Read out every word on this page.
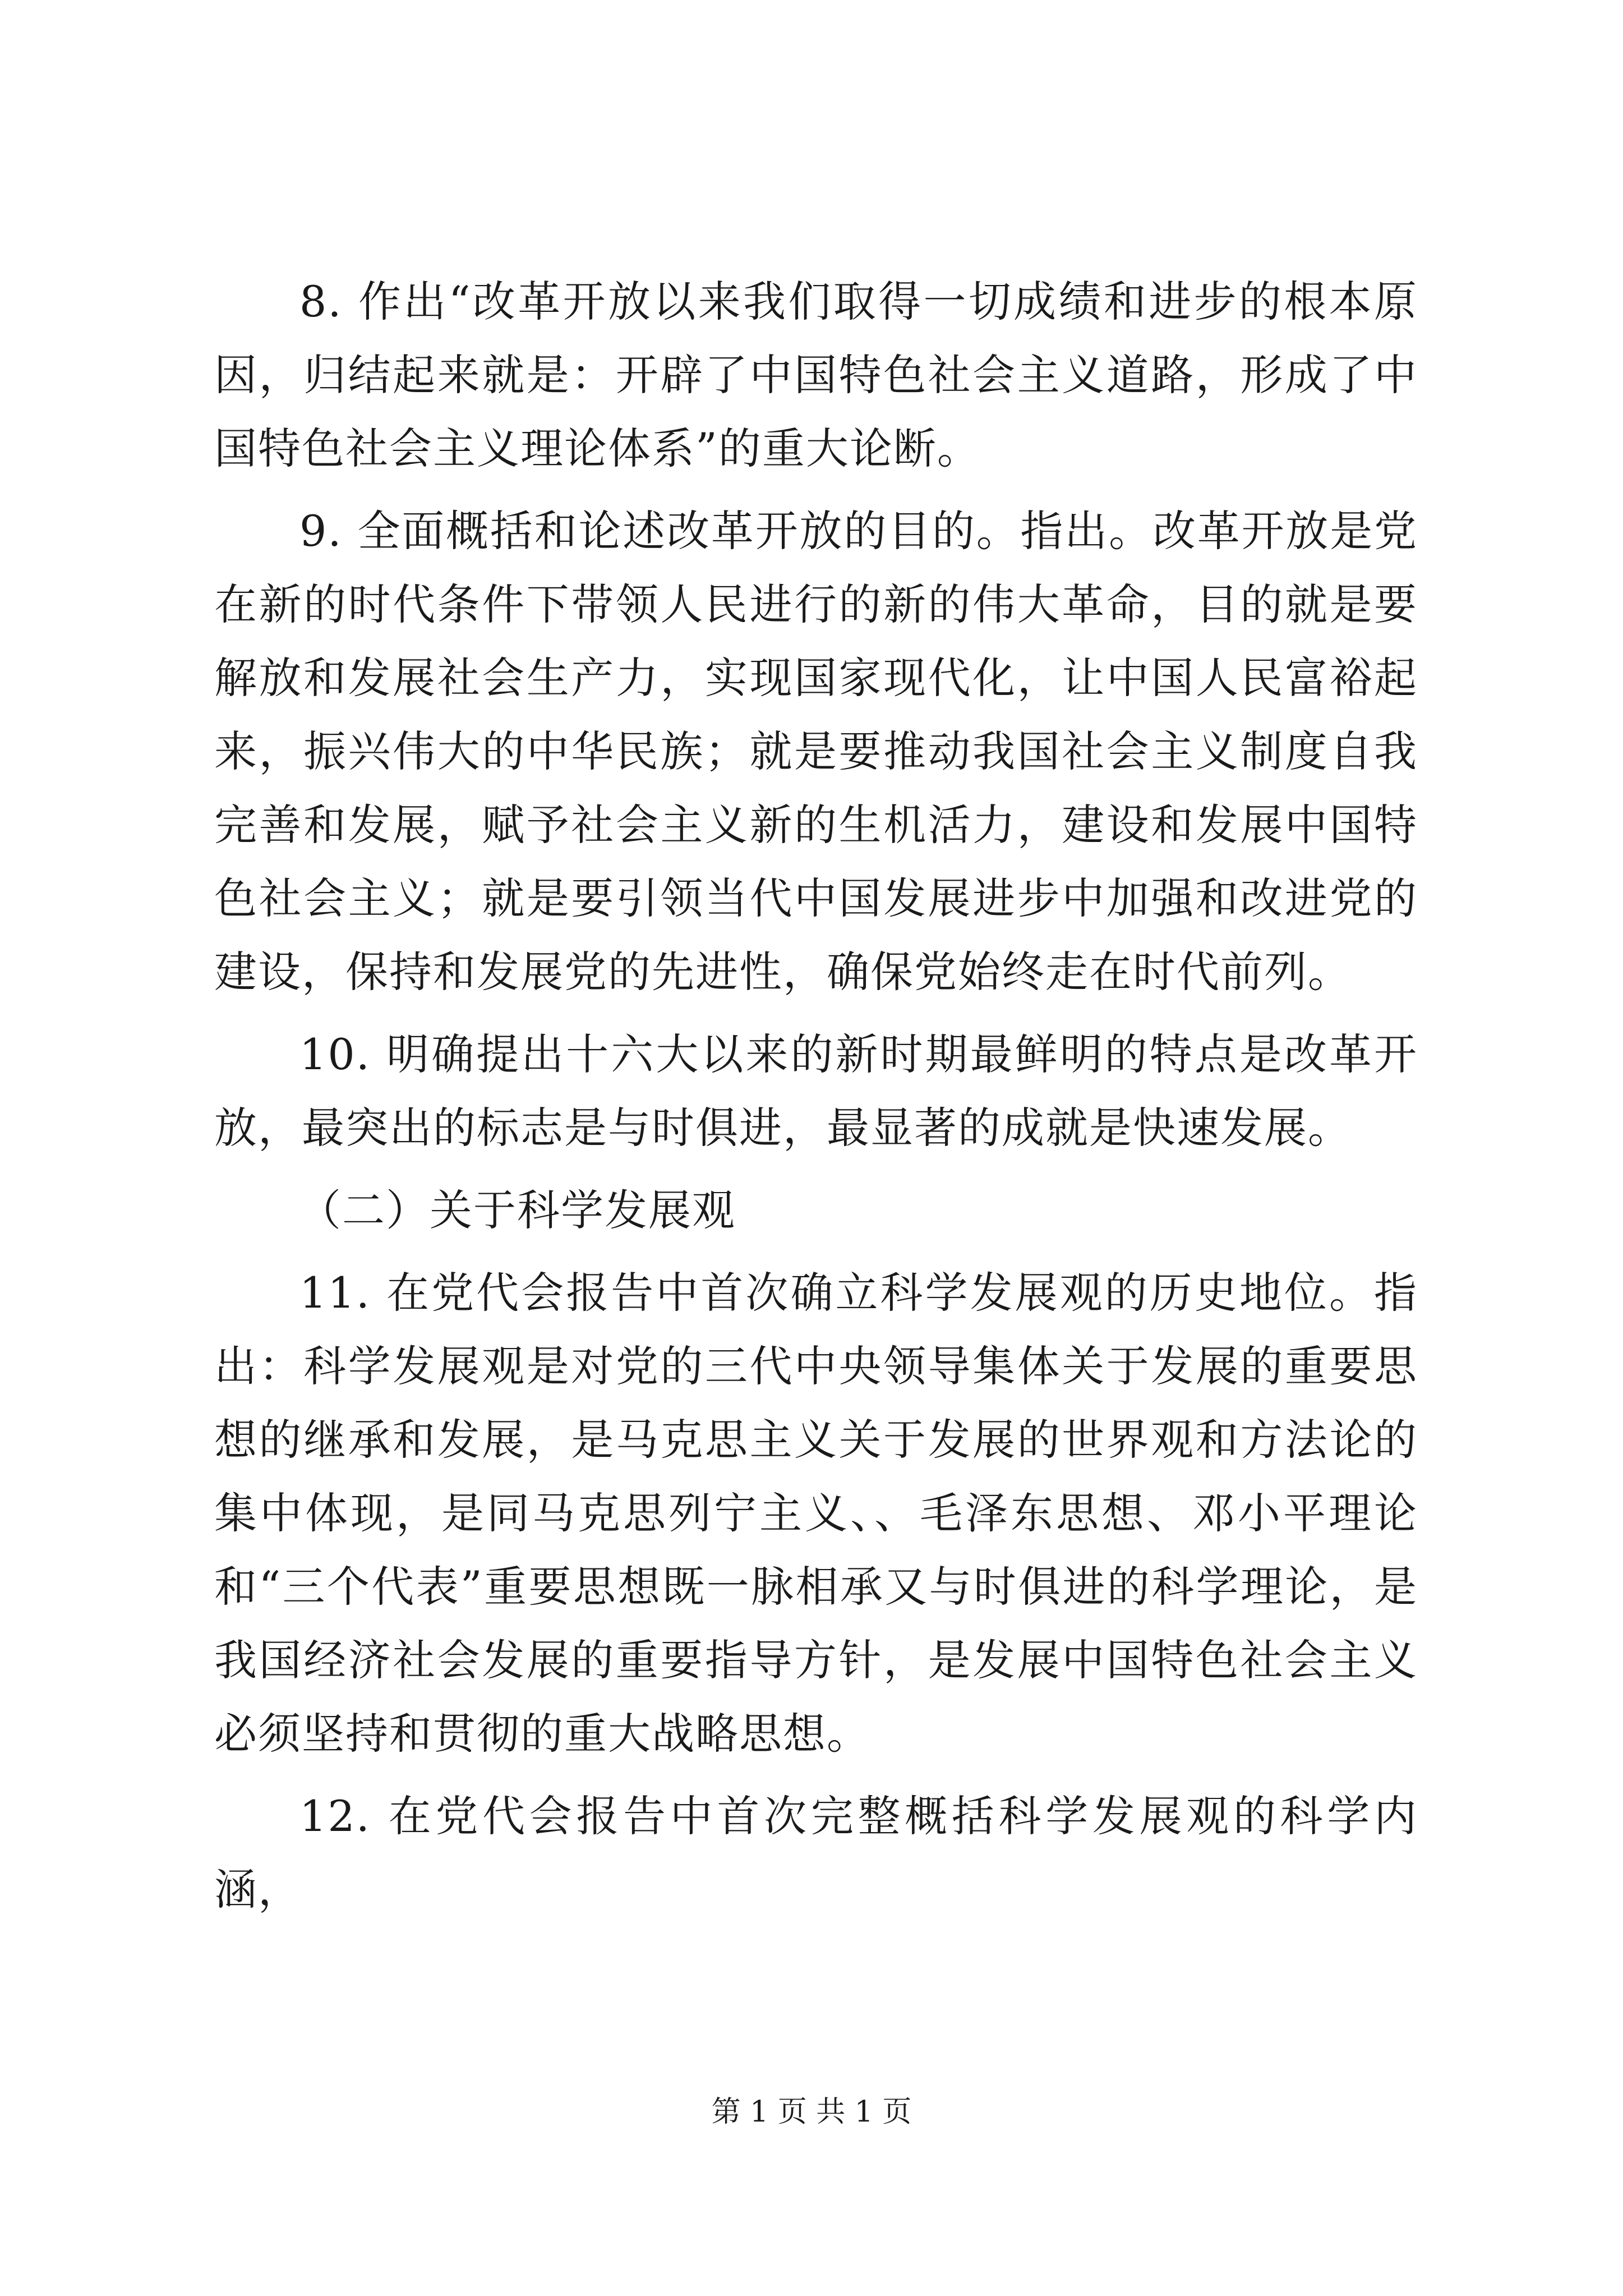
8. 作出“改革开放以来我们取得一切成绩和进步的根本原因，归结起来就是：开辟了中国特色社会主义道路，形成了中国特色社会主义理论体系”的重大论断。

9. 全面概括和论述改革开放的目的。指出。改革开放是党在新的时代条件下带领人民进行的新的伟大革命，目的就是要解放和发展社会生产力，实现国家现代化，让中国人民富裕起来，振兴伟大的中华民族；就是要推动我国社会主义制度自我完善和发展，赋予社会主义新的生机活力，建设和发展中国特色社会主义；就是要引领当代中国发展进步中加强和改进党的建设，保持和发展党的先进性，确保党始终走在时代前列。

10. 明确提出十六大以来的新时期最鲜明的特点是改革开放，最突出的标志是与时俱进，最显著的成就是快速发展。

（二）关于科学发展观

11. 在党代会报告中首次确立科学发展观的历史地位。指出：科学发展观是对党的三代中央领导集体关于发展的重要思想的继承和发展，是马克思主义关于发展的世界观和方法论的集中体现，是同马克思列宁主义、、毛泽东思想、邓小平理论和“三个代表”重要思想既一脉相承又与时俱进的科学理论，是我国经济社会发展的重要指导方针，是发展中国特色社会主义必须坚持和贯彻的重大战略思想。

12. 在党代会报告中首次完整概括科学发展观的科学内涵，

第 1 页 共 1 页
